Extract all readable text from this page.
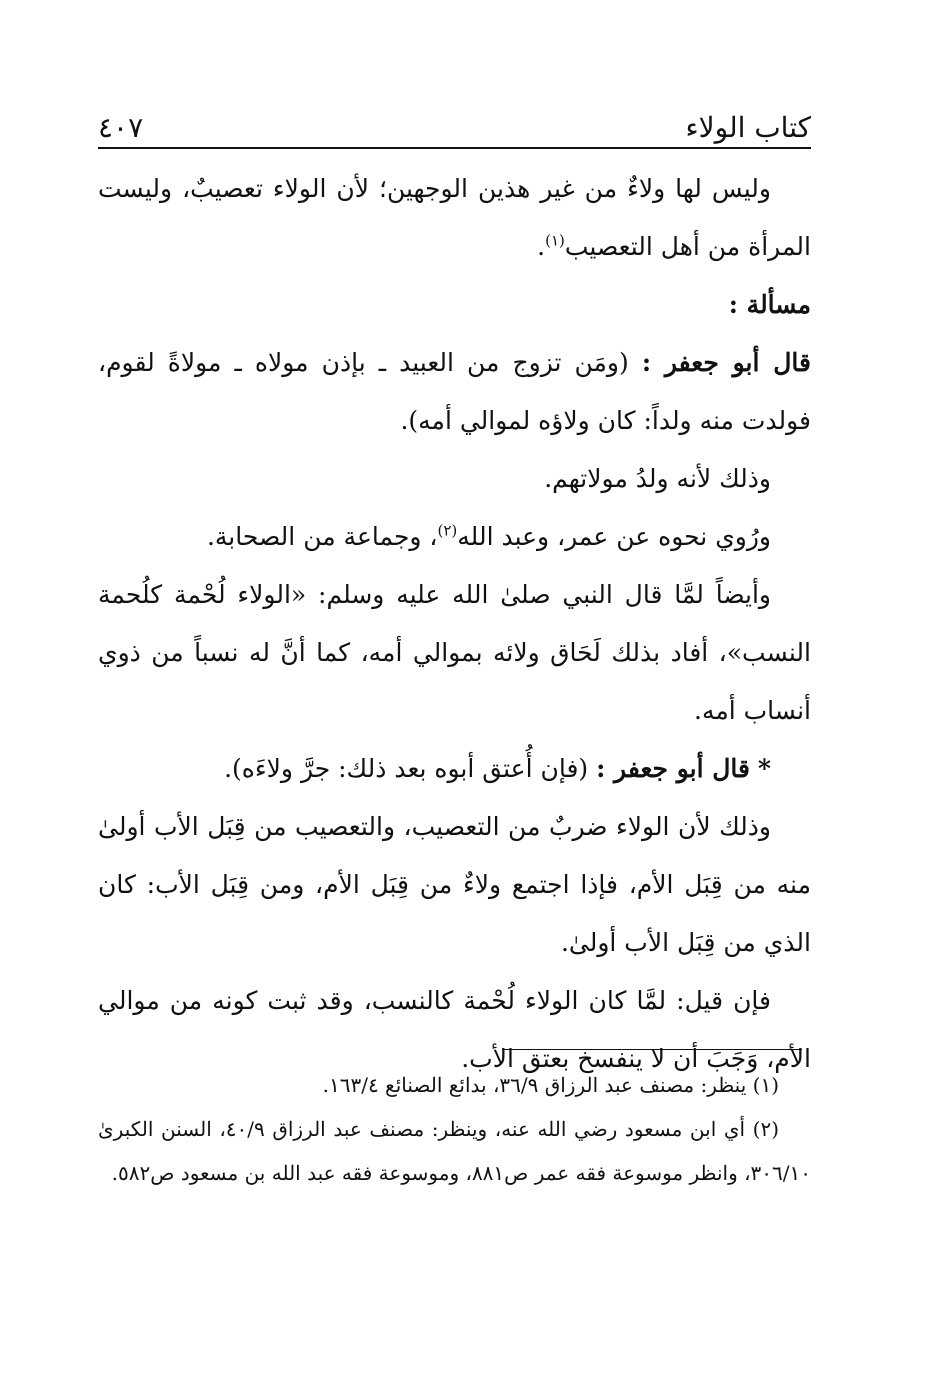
كتاب الولاء
٤٠٧

وليس لها ولاءٌ من غير هذين الوجهين؛ لأن الولاء تعصيبٌ، وليست المرأة من أهل التعصيب$^{(١)}$.

مسألة :

قال أبو جعفر : (ومَن تزوج من العبيد ـ بإذن مولاه ـ مولاةً لقوم، فولدت منه ولداً: كان ولاؤه لموالي أمه).

وذلك لأنه ولدُ مولاتهم.

ورُوي نحوه عن عمر، وعبد الله$^{(٢)}$، وجماعة من الصحابة.

وأيضاً لمَّا قال النبي صلىٰ الله عليه وسلم: «الولاء لُحْمة كلُحمة النسب»، أفاد بذلك لَحَاق ولائه بموالي أمه، كما أنَّ له نسباً من ذوي أنساب أمه.

* قال أبو جعفر : (فإن أُعتق أبوه بعد ذلك: جرَّ ولاءَه).

وذلك لأن الولاء ضربٌ من التعصيب، والتعصيب من قِبَل الأب أولىٰ منه من قِبَل الأم، فإذا اجتمع ولاءٌ من قِبَل الأم، ومن قِبَل الأب: كان الذي من قِبَل الأب أولىٰ.

فإن قيل: لمَّا كان الولاء لُحْمة كالنسب، وقد ثبت كونه من موالي الأم، وَجَبَ أن لا ينفسخ بعتق الأب.

(١) ينظر: مصنف عبد الرزاق ٣٦/٩، بدائع الصنائع ١٦٣/٤.

(٢) أي ابن مسعود رضي الله عنه، وينظر: مصنف عبد الرزاق ٤٠/٩، السنن الكبرىٰ ٣٠٦/١٠، وانظر موسوعة فقه عمر ص٨٨١، وموسوعة فقه عبد الله بن مسعود ص٥٨٢.
